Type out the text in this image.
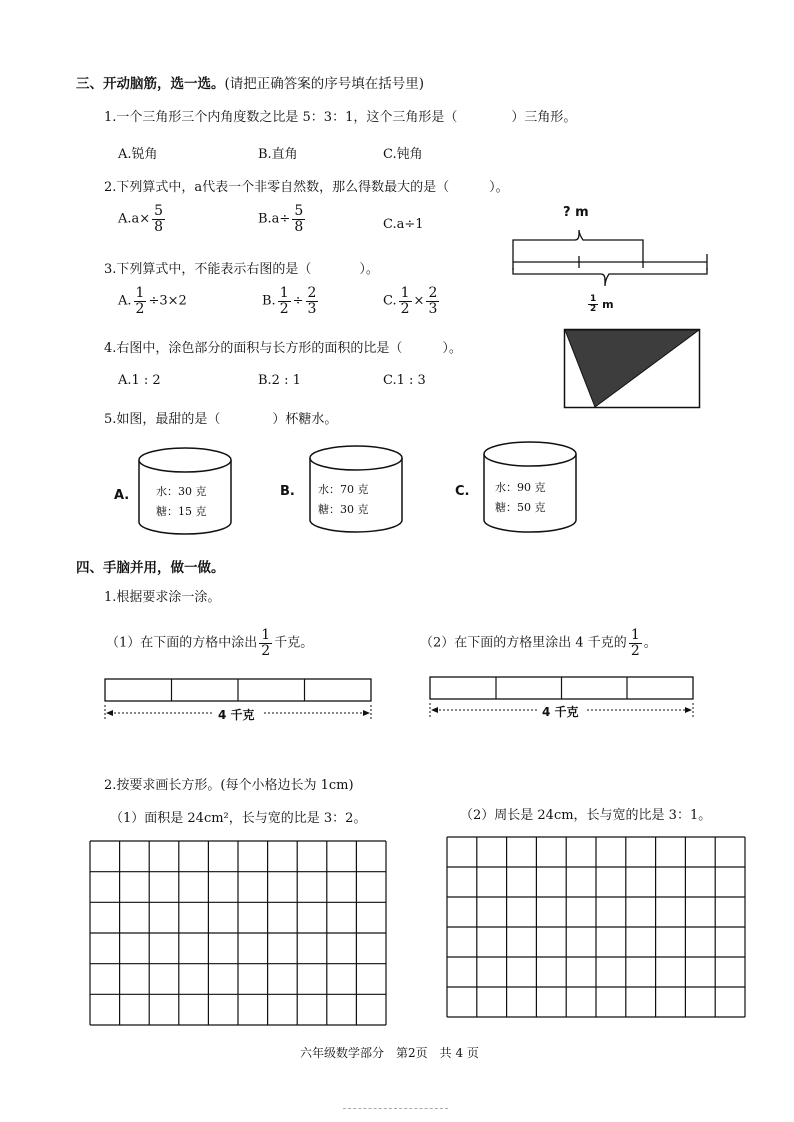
三、开动脑筋，选一选。(请把正确答案的序号填在括号里)
1.一个三角形三个内角度数之比是 5：3：1，这个三角形是（	）三角形。
A.锐角	B.直角	C.钝角
2.下列算式中，a代表一个非零自然数，那么得数最大的是（	）。
$A.a\times \frac{5}{8}$	$B.a\div \frac{5}{8}$	C.a÷1
3.下列算式中，不能表示右图的是（	）。
A. $\frac{1}{2} \div 3\times 2$	B. $\frac{1}{2} \div \frac{2}{3}$	C. $\frac{1}{2} \times \frac{2}{3}$
? m
$\frac{1}{2}$ m
4.右图中，涂色部分的面积与长方形的面积的比是（	）。
A.1 : 2	B.2 : 1	C.1 : 3
5.如图，最甜的是（	）杯糖水。
A. 水：30 克
糖：15 克
B. 水：70 克
糖：30 克
C. 水：90 克
糖：50 克
四、手脑并用，做一做。
1.根据要求涂一涂。
（1）在下面的方格中涂出 $\frac{1}{2}$ 千克。	（2）在下面的方格里涂出 4 千克的 $\frac{1}{2}$ 。
4 千克	4 千克
2.按要求画长方形。(每个小格边长为 1cm)
（1）面积是 24cm²，长与宽的比是 3：2。	（2）周长是 24cm，长与宽的比是 3：1。
六年级数学部分　第2页　共 4 页
